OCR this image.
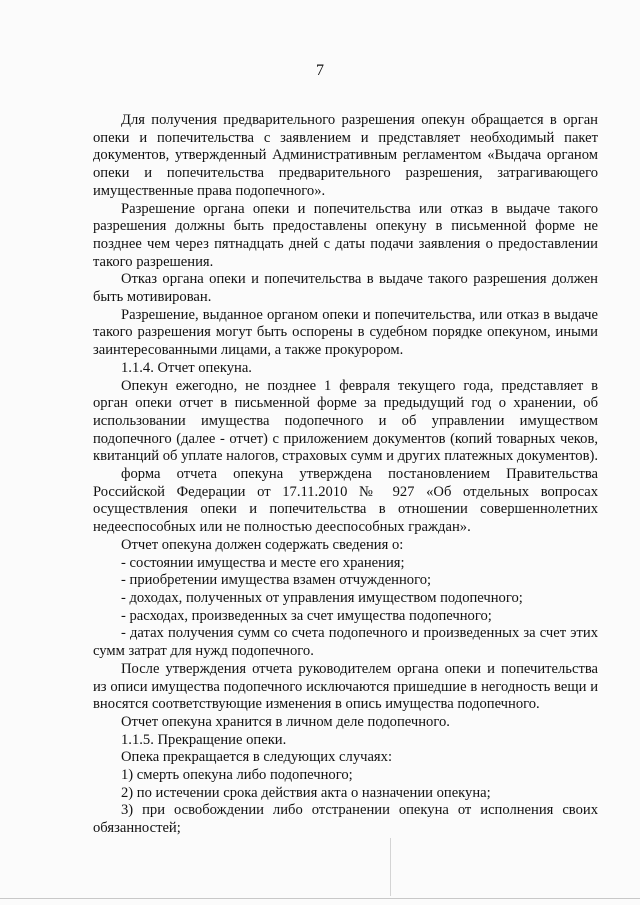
7

Для получения предварительного разрешения опекун обращается в орган опеки и попечительства с заявлением и представляет необходимый пакет документов, утвержденный Административным регламентом «Выдача органом опеки и попечительства предварительного разрешения, затрагивающего имущественные права подопечного».

Разрешение органа опеки и попечительства или отказ в выдаче такого разрешения должны быть предоставлены опекуну в письменной форме не позднее чем через пятнадцать дней с даты подачи заявления о предоставлении такого разрешения.

Отказ органа опеки и попечительства в выдаче такого разрешения должен быть мотивирован.

Разрешение, выданное органом опеки и попечительства, или отказ в выдаче такого разрешения могут быть оспорены в судебном порядке опекуном, иными заинтересованными лицами, а также прокурором.

1.1.4. Отчет опекуна.

Опекун ежегодно, не позднее 1 февраля текущего года, представляет в орган опеки отчет в письменной форме за предыдущий год о хранении, об использовании имущества подопечного и об управлении имуществом подопечного (далее - отчет) с приложением документов (копий товарных чеков, квитанций об уплате налогов, страховых сумм и других платежных документов).

форма отчета опекуна утверждена постановлением Правительства Российской Федерации от 17.11.2010 № 927 «Об отдельных вопросах осуществления опеки и попечительства в отношении совершеннолетних недееспособных или не полностью дееспособных граждан».

Отчет опекуна должен содержать сведения о:

- состоянии имущества и месте его хранения;

- приобретении имущества взамен отчужденного;

- доходах, полученных от управления имуществом подопечного;

- расходах, произведенных за счет имущества подопечного;

- датах получения сумм со счета подопечного и произведенных за счет этих сумм затрат для нужд подопечного.

После утверждения отчета руководителем органа опеки и попечительства из описи имущества подопечного исключаются пришедшие в негодность вещи и вносятся соответствующие изменения в опись имущества подопечного.

Отчет опекуна хранится в личном деле подопечного.

1.1.5. Прекращение опеки.

Опека прекращается в следующих случаях:

1) смерть опекуна либо подопечного;

2) по истечении срока действия акта о назначении опекуна;

3) при освобождении либо отстранении опекуна от исполнения своих обязанностей;
